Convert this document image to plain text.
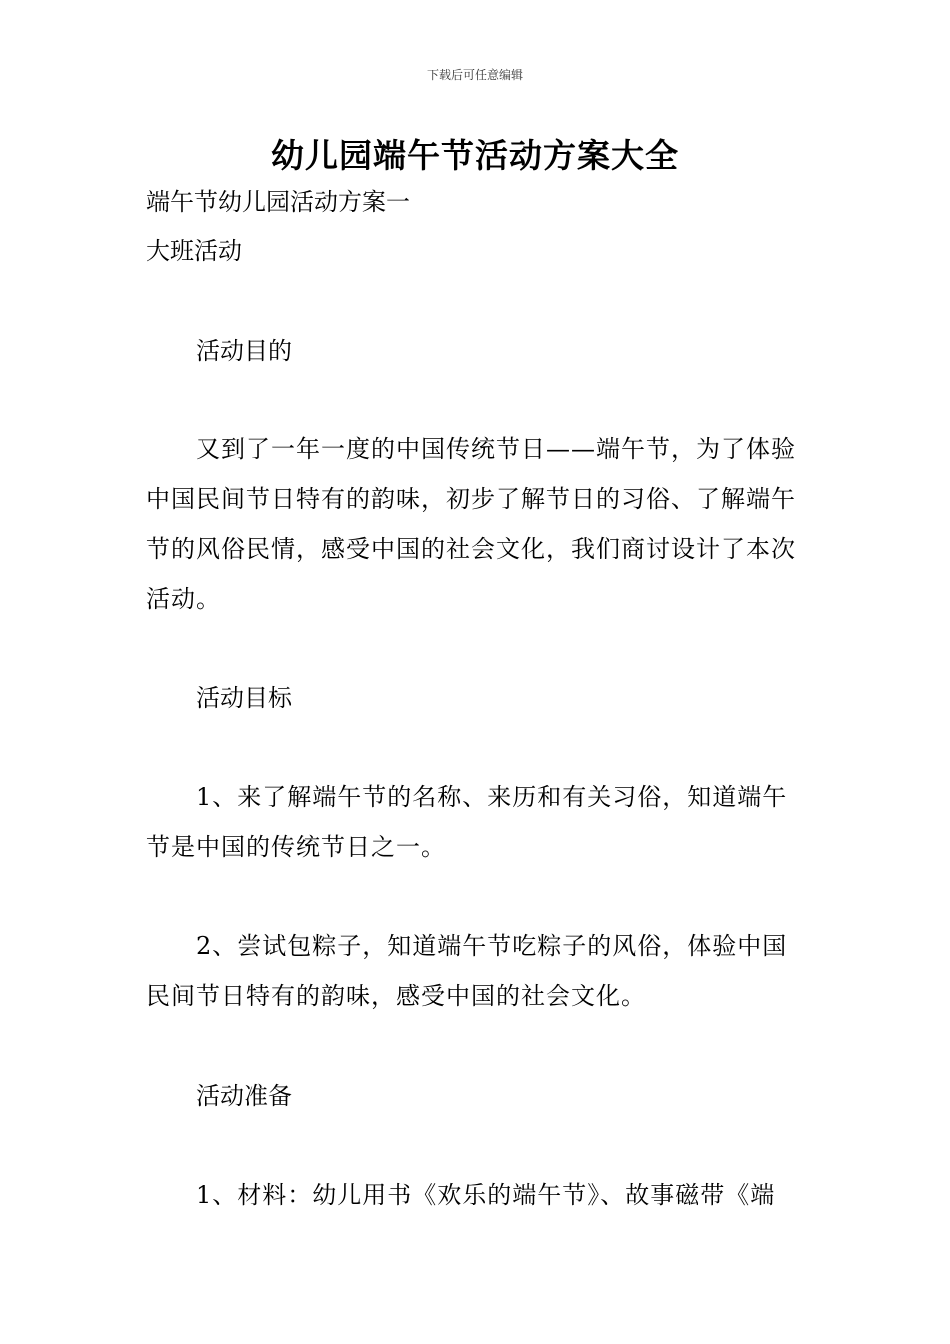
下载后可任意编辑
幼儿园端午节活动方案大全
端午节幼儿园活动方案一
大班活动
活动目的

又到了一年一度的中国传统节日——端午节，为了体验中国民间节日特有的韵味，初步了解节日的习俗、了解端午节的风俗民情，感受中国的社会文化，我们商讨设计了本次活动。

活动目标

1、来了解端午节的名称、来历和有关习俗，知道端午节是中国的传统节日之一。

2、尝试包粽子，知道端午节吃粽子的风俗，体验中国民间节日特有的韵味，感受中国的社会文化。

活动准备

1、材料：幼儿用书《欢乐的端午节》、故事磁带《端
